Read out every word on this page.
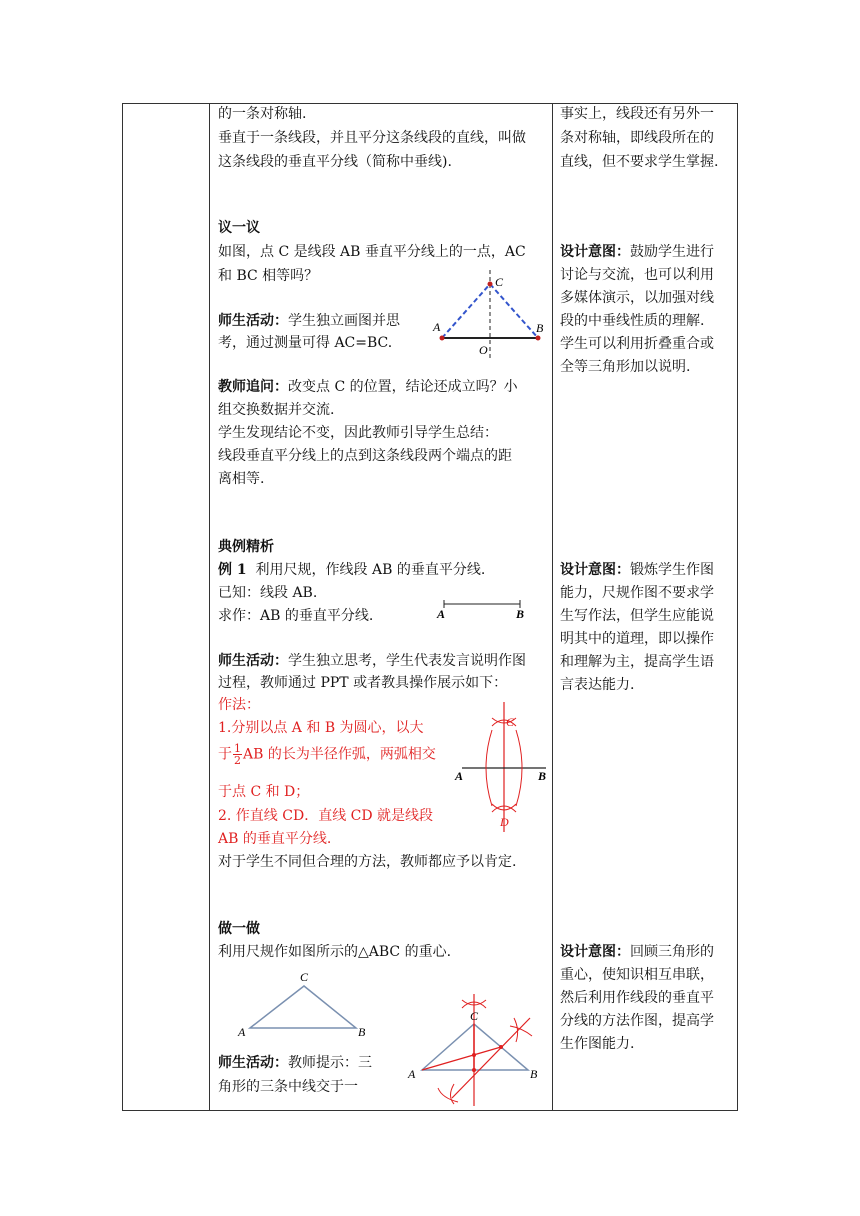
的一条对称轴.
垂直于一条线段，并且平分这条线段的直线，叫做
这条线段的垂直平分线（简称中垂线).
议一议
如图，点 C 是线段 AB 垂直平分线上的一点，AC
和 BC 相等吗？
师生活动：学生独立画图并思
考，通过测量可得 AC=BC.
教师追问：改变点 C 的位置，结论还成立吗？小
组交换数据并交流.
学生发现结论不变，因此教师引导学生总结：
线段垂直平分线上的点到这条线段两个端点的距
离相等.
典例精析
例 1 利用尺规，作线段 AB 的垂直平分线.
已知：线段 AB.
求作：AB 的垂直平分线.
师生活动：学生独立思考，学生代表发言说明作图
过程，教师通过 PPT 或者教具操作展示如下：
作法：
1.分别以点 A 和 B 为圆心，以大
于 $\frac{1}{2}$ AB 的长为半径作弧，两弧相交
于点 C 和 D；
2. 作直线 CD．直线 CD 就是线段
AB 的垂直平分线.
对于学生不同但合理的方法，教师都应予以肯定.
做一做
利用尺规作如图所示的△ABC 的重心.
师生活动：教师提示：三
角形的三条中线交于一
事实上，线段还有另外一
条对称轴，即线段所在的
直线，但不要求学生掌握.
设计意图：鼓励学生进行
讨论与交流，也可以利用
多媒体演示，以加强对线
段的中垂线性质的理解.
学生可以利用折叠重合或
全等三角形加以说明.
设计意图：锻炼学生作图
能力，尺规作图不要求学
生写作法，但学生应能说
明其中的道理，即以操作
和理解为主，提高学生语
言表达能力.
设计意图：回顾三角形的
重心，使知识相互串联，
然后利用作线段的垂直平
分线的方法作图，提高学
生作图能力.
A	B
C
O
A	B
A	B
C
D
A	B
C
A	B
C
